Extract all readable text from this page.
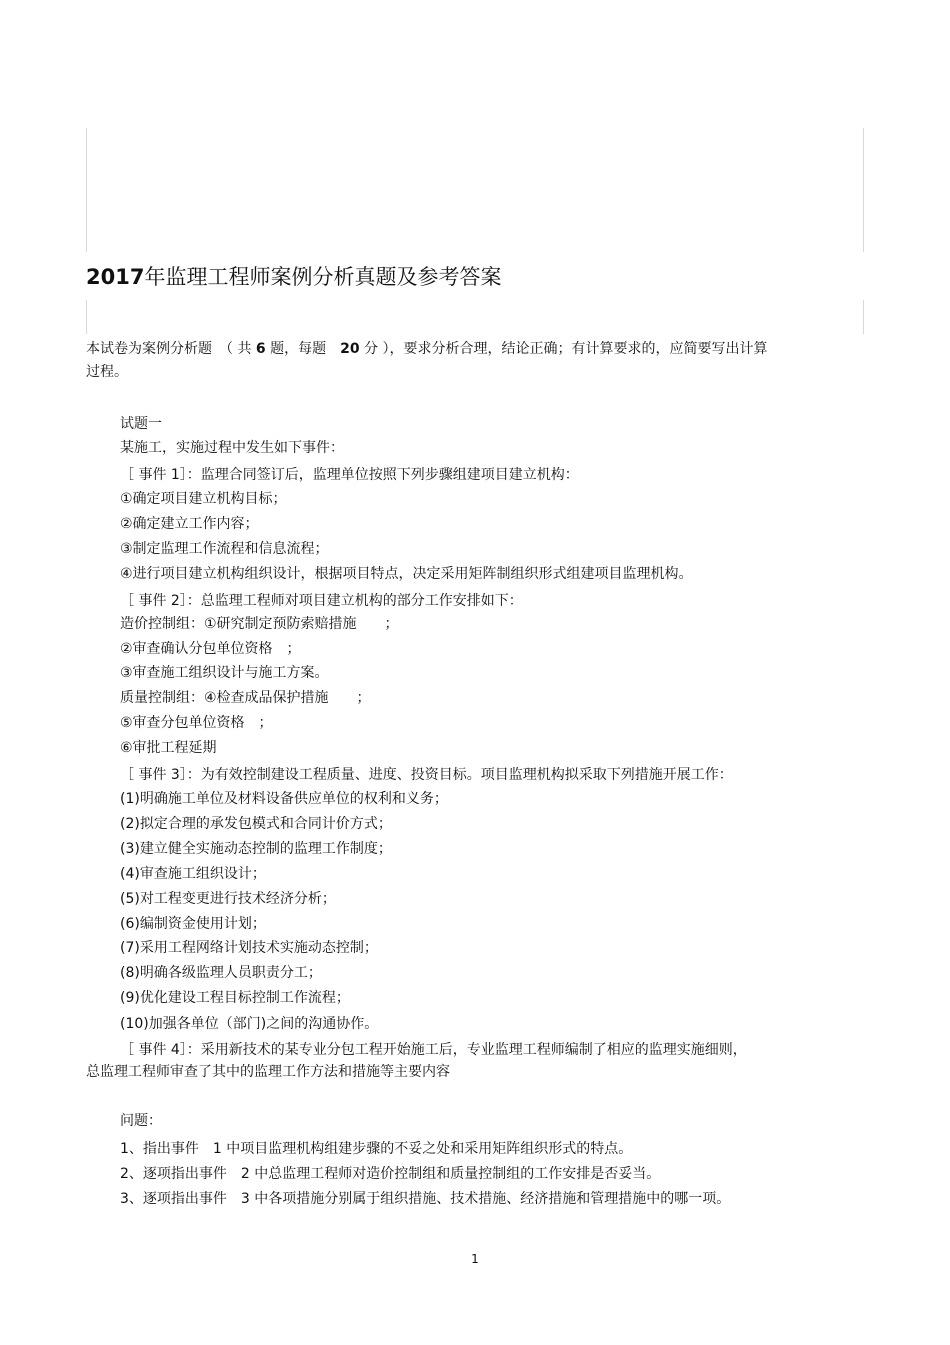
2017年监理工程师案例分析真题及参考答案

本试卷为案例分析题　（ 共 6 题，每题　20 分 ），要求分析合理，结论正确；有计算要求的，应简要写出计算
过程。

试题一

某施工，实施过程中发生如下事件：

［ 事件 1］：监理合同签订后，监理单位按照下列步骤组建项目建立机构：

①确定项目建立机构目标；

②确定建立工作内容；

③制定监理工作流程和信息流程；

④进行项目建立机构组织设计，根据项目特点，决定采用矩阵制组织形式组建项目监理机构。

［ 事件 2］：总监理工程师对项目建立机构的部分工作安排如下：

造价控制组：①研究制定预防索赔措施　　；

②审查确认分包单位资格　；

③审查施工组织设计与施工方案。

质量控制组：④检查成品保护措施　　；

⑤审查分包单位资格　；

⑥审批工程延期

［ 事件 3］：为有效控制建设工程质量、进度、投资目标。项目监理机构拟采取下列措施开展工作：

(1)明确施工单位及材料设备供应单位的权利和义务；

(2)拟定合理的承发包模式和合同计价方式；

(3)建立健全实施动态控制的监理工作制度；

(4)审查施工组织设计；

(5)对工程变更进行技术经济分析；

(6)编制资金使用计划；

(7)采用工程网络计划技术实施动态控制；

(8)明确各级监理人员职责分工；

(9)优化建设工程目标控制工作流程；

(10)加强各单位（部门)之间的沟通协作。

［ 事件 4］：采用新技术的某专业分包工程开始施工后，专业监理工程师编制了相应的监理实施细则，

总监理工程师审查了其中的监理工作方法和措施等主要内容

问题：

1、指出事件　1 中项目监理机构组建步骤的不妥之处和采用矩阵组织形式的特点。

2、逐项指出事件　2 中总监理工程师对造价控制组和质量控制组的工作安排是否妥当。

3、逐项指出事件　3 中各项措施分别属于组织措施、技术措施、经济措施和管理措施中的哪一项。

1
